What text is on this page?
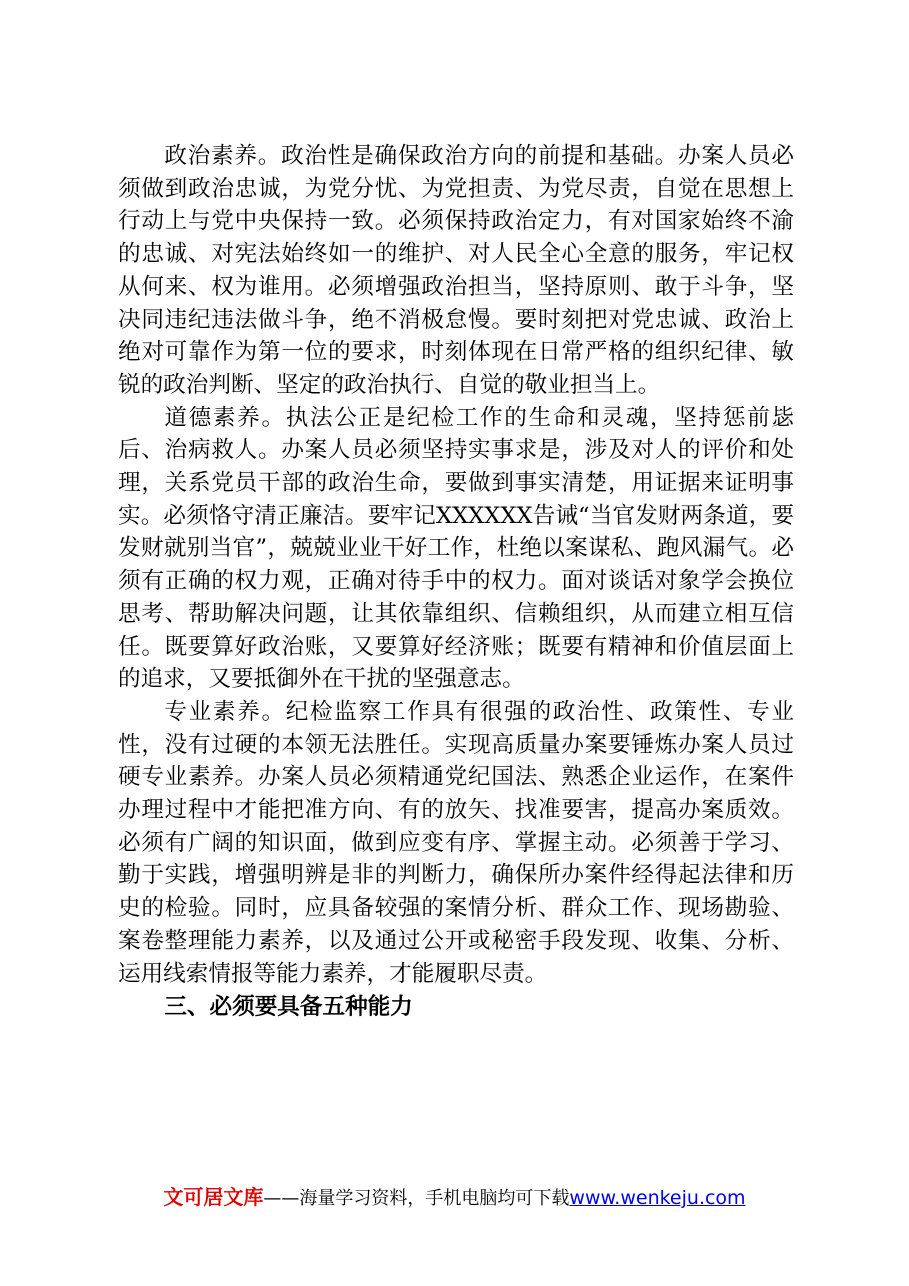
政治素养。政治性是确保政治方向的前提和基础。办案人员必须做到政治忠诚，为党分忧、为党担责、为党尽责，自觉在思想上行动上与党中央保持一致。必须保持政治定力，有对国家始终不渝的忠诚、对宪法始终如一的维护、对人民全心全意的服务，牢记权从何来、权为谁用。必须增强政治担当，坚持原则、敢于斗争，坚决同违纪违法做斗争，绝不消极怠慢。要时刻把对党忠诚、政治上绝对可靠作为第一位的要求，时刻体现在日常严格的组织纪律、敏锐的政治判断、坚定的政治执行、自觉的敬业担当上。

道德素养。执法公正是纪检工作的生命和灵魂，坚持惩前毖后、治病救人。办案人员必须坚持实事求是，涉及对人的评价和处理，关系党员干部的政治生命，要做到事实清楚，用证据来证明事实。必须恪守清正廉洁。要牢记XXXXXX告诫“当官发财两条道，要发财就别当官”，兢兢业业干好工作，杜绝以案谋私、跑风漏气。必须有正确的权力观，正确对待手中的权力。面对谈话对象学会换位思考、帮助解决问题，让其依靠组织、信赖组织，从而建立相互信任。既要算好政治账，又要算好经济账；既要有精神和价值层面上的追求，又要抵御外在干扰的坚强意志。

专业素养。纪检监察工作具有很强的政治性、政策性、专业性，没有过硬的本领无法胜任。实现高质量办案要锤炼办案人员过硬专业素养。办案人员必须精通党纪国法、熟悉企业运作，在案件办理过程中才能把准方向、有的放矢、找准要害，提高办案质效。必须有广阔的知识面，做到应变有序、掌握主动。必须善于学习、勤于实践，增强明辨是非的判断力，确保所办案件经得起法律和历史的检验。同时，应具备较强的案情分析、群众工作、现场勘验、案卷整理能力素养，以及通过公开或秘密手段发现、收集、分析、运用线索情报等能力素养，才能履职尽责。

三、必须要具备五种能力

文可居文库——海量学习资料，手机电脑均可下载www.wenkeju.com
